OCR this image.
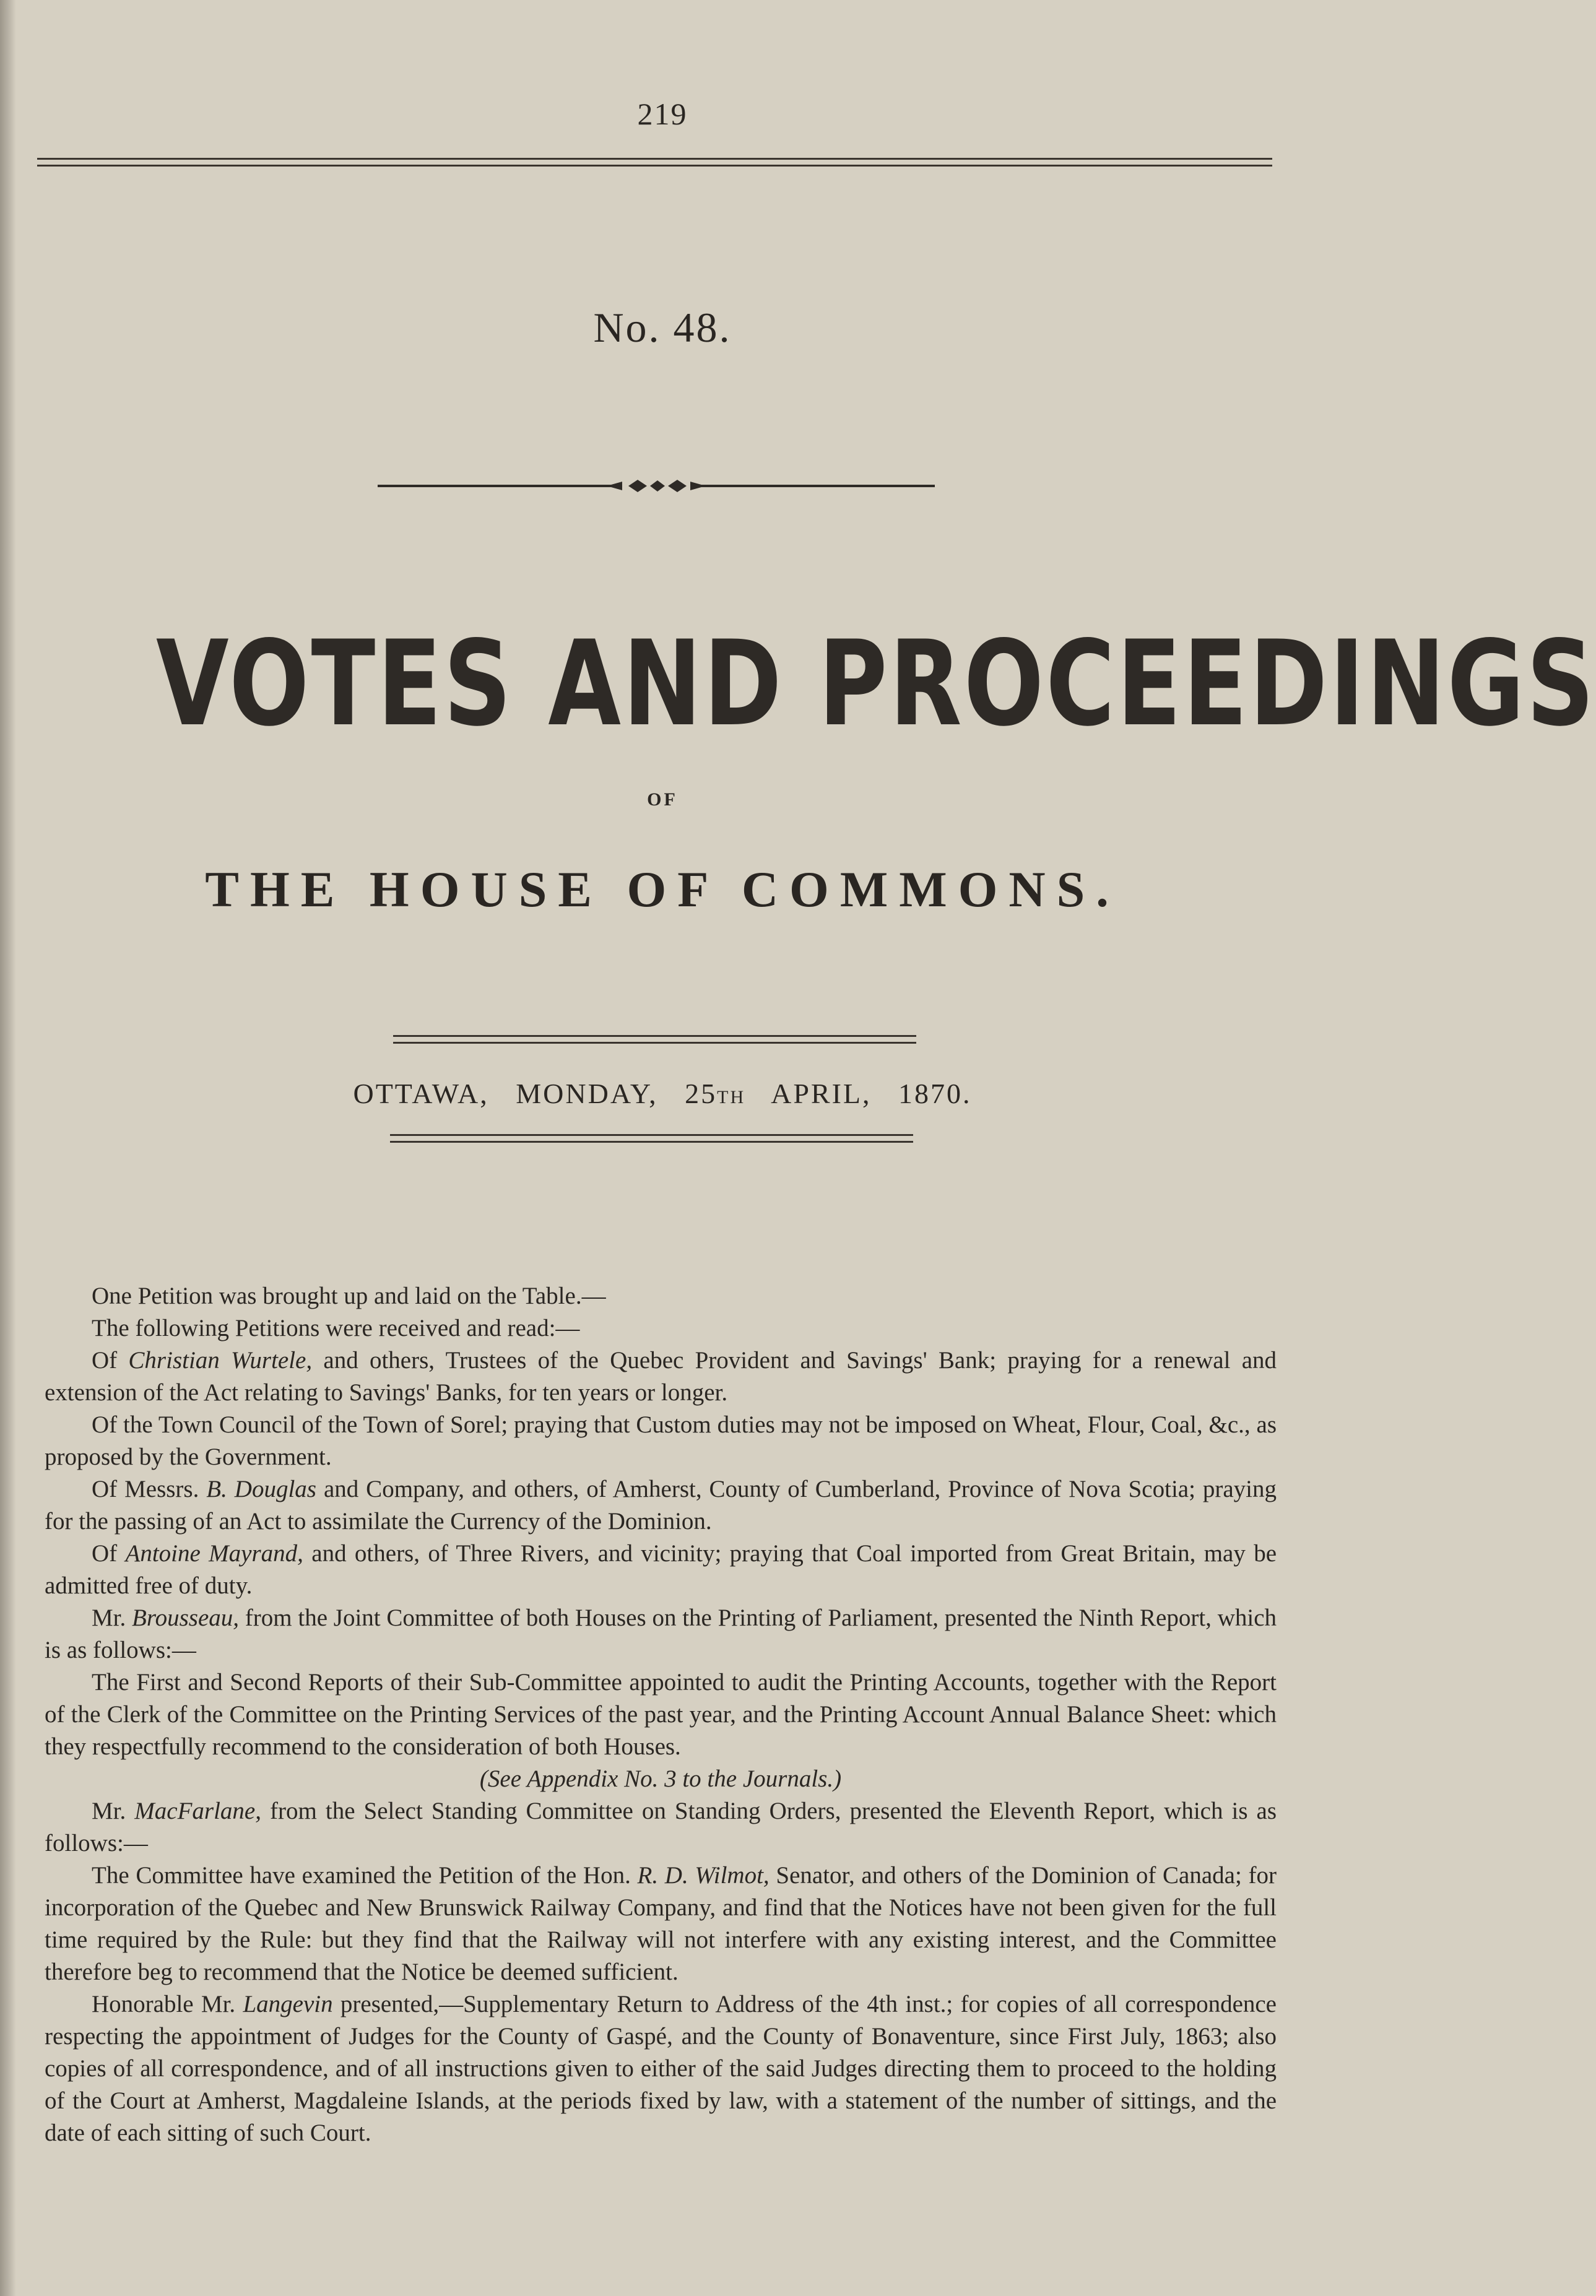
219
No. 48.
VOTES AND PROCEEDINGS
OF
THE HOUSE OF COMMONS.
OTTAWA, MONDAY, 25TH APRIL, 1870.

One Petition was brought up and laid on the Table.—

The following Petitions were received and read:—

Of Christian Wurtele, and others, Trustees of the Quebec Provident and Savings' Bank; praying for a renewal and extension of the Act relating to Savings' Banks, for ten years or longer.

Of the Town Council of the Town of Sorel; praying that Custom duties may not be imposed on Wheat, Flour, Coal, &c., as proposed by the Government.

Of Messrs. B. Douglas and Company, and others, of Amherst, County of Cumberland, Province of Nova Scotia; praying for the passing of an Act to assimilate the Currency of the Dominion.

Of Antoine Mayrand, and others, of Three Rivers, and vicinity; praying that Coal imported from Great Britain, may be admitted free of duty.

Mr. Brousseau, from the Joint Committee of both Houses on the Printing of Parliament, presented the Ninth Report, which is as follows:—

The First and Second Reports of their Sub-Committee appointed to audit the Printing Accounts, together with the Report of the Clerk of the Committee on the Printing Services of the past year, and the Printing Account Annual Balance Sheet: which they respectfully recommend to the consideration of both Houses.

(See Appendix No. 3 to the Journals.)

Mr. MacFarlane, from the Select Standing Committee on Standing Orders, presented the Eleventh Report, which is as follows:—

The Committee have examined the Petition of the Hon. R. D. Wilmot, Senator, and others of the Dominion of Canada; for incorporation of the Quebec and New Brunswick Railway Company, and find that the Notices have not been given for the full time required by the Rule: but they find that the Railway will not interfere with any existing interest, and the Committee therefore beg to recommend that the Notice be deemed sufficient.

Honorable Mr. Langevin presented,—Supplementary Return to Address of the 4th inst.; for copies of all correspondence respecting the appointment of Judges for the County of Gaspé, and the County of Bonaventure, since First July, 1863; also copies of all correspondence, and of all instructions given to either of the said Judges directing them to proceed to the holding of the Court at Amherst, Magdaleine Islands, at the periods fixed by law, with a statement of the number of sittings, and the date of each sitting of such Court.
